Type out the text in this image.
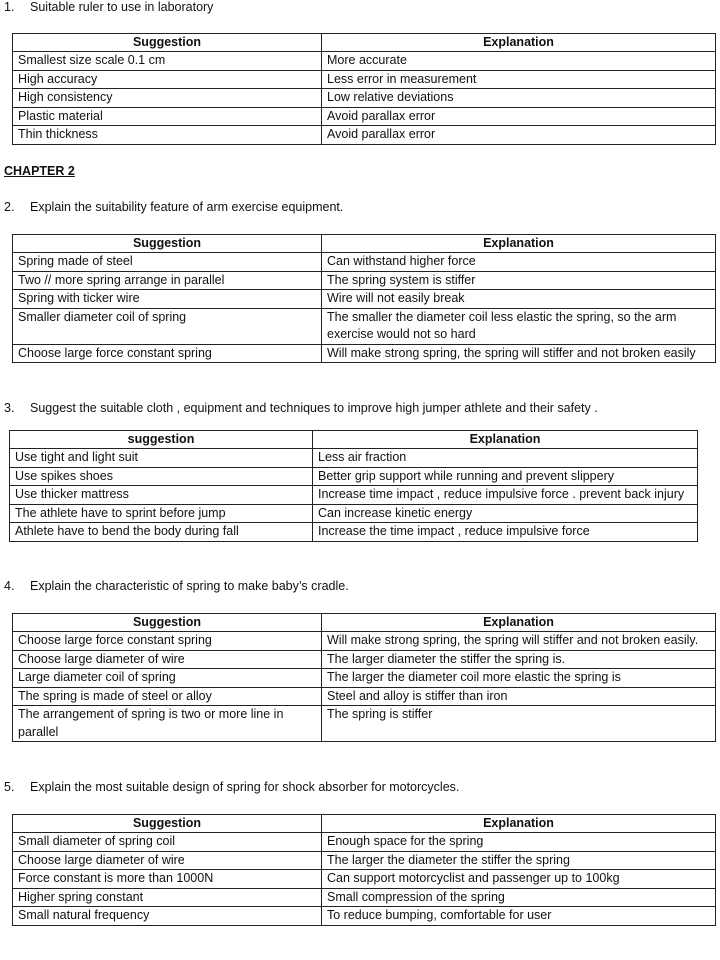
1. Suitable ruler to use in laboratory

Suggestion	Explanation
Smallest size scale 0.1 cm	More accurate
High accuracy	Less error in measurement
High consistency	Low relative deviations
Plastic material	Avoid parallax error
Thin thickness	Avoid parallax error

CHAPTER 2

2. Explain the suitability feature of arm exercise equipment.

Suggestion	Explanation
Spring made of steel	Can withstand higher force
Two // more spring arrange in parallel	The spring system is stiffer
Spring with ticker wire	Wire will not easily break
Smaller diameter coil of spring	The smaller the diameter coil less elastic the spring, so the arm exercise would not so hard
Choose large force constant spring	Will make strong spring, the spring will stiffer and not broken easily

3. Suggest the suitable cloth , equipment and techniques to improve high jumper athlete and their safety .

suggestion	Explanation
Use tight and light suit	Less air fraction
Use spikes shoes	Better grip support while running and prevent slippery
Use thicker mattress	Increase time impact , reduce impulsive force . prevent back injury
The athlete have to sprint before jump	Can increase kinetic energy
Athlete have to bend the body during fall	Increase the time impact , reduce impulsive force

4. Explain the characteristic of spring to make baby’s cradle.

Suggestion	Explanation
Choose large force constant spring	Will make strong spring, the spring will stiffer and not broken easily.
Choose large diameter of wire	The larger diameter the stiffer the spring is.
Large diameter coil of spring	The larger the diameter coil more elastic the spring is
The spring is made of steel or alloy	Steel and alloy is stiffer than iron
The arrangement of spring is two or more line in parallel	The spring is stiffer

5. Explain the most suitable design of spring for shock absorber for motorcycles.

Suggestion	Explanation
Small diameter of spring coil	Enough space for the spring
Choose large diameter of wire	The larger the diameter the stiffer the spring
Force constant is more than 1000N	Can support motorcyclist and passenger up to 100kg
Higher spring constant	Small compression of the spring
Small natural frequency	To reduce bumping, comfortable for user
